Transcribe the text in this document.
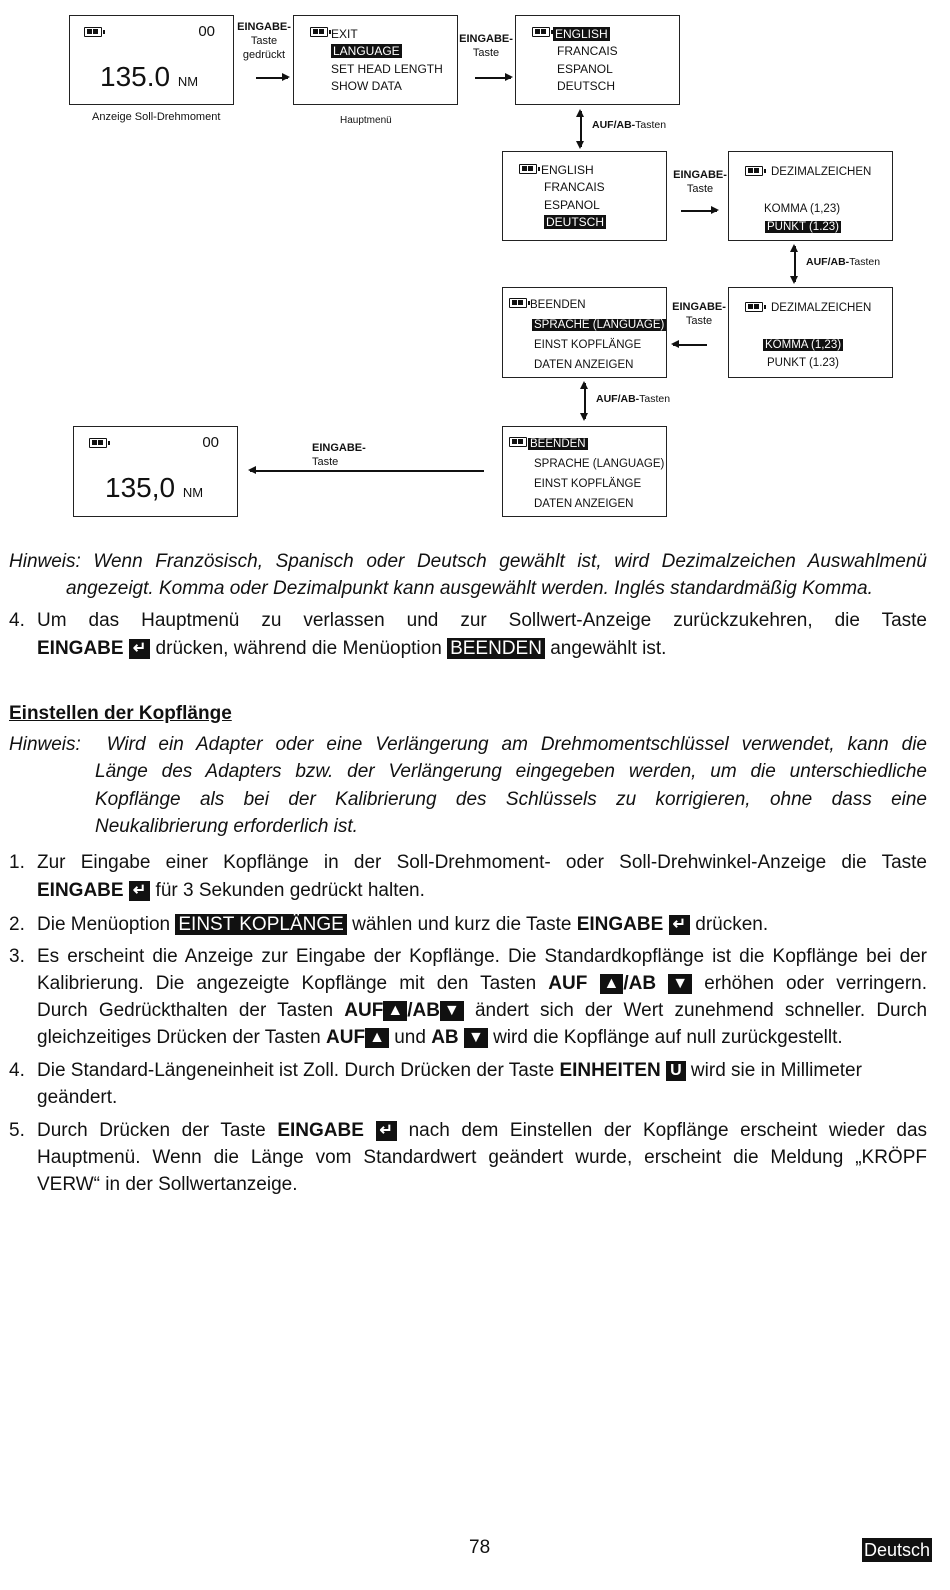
00
135.0 NM
Anzeige Soll-Drehmoment
EINGABE-
Taste
gedrückt
EXIT
LANGUAGE
SET HEAD LENGTH
SHOW DATA
Hauptmenü
EINGABE-
Taste
ENGLISH
FRANCAIS
ESPANOL
DEUTSCH
AUF/AB-Tasten
ENGLISH
FRANCAIS
ESPANOL
DEUTSCH
EINGABE-
Taste
DEZIMALZEICHEN
KOMMA (1,23)
PUNKT (1.23)
AUF/AB-Tasten
BEENDEN
SPRACHE (LANGUAGE)
EINST KOPFLÄNGE
DATEN ANZEIGEN
EINGABE-
Taste
DEZIMALZEICHEN
KOMMA (1,23)
PUNKT (1.23)
AUF/AB-Tasten
00
135,0 NM
EINGABE-
Taste
BEENDEN
SPRACHE (LANGUAGE)
EINST KOPFLÄNGE
DATEN ANZEIGEN
Hinweis: Wenn Französisch, Spanisch oder Deutsch gewählt ist, wird Dezimalzeichen Auswahlmenü
angezeigt. Komma oder Dezimalpunkt kann ausgewählt werden. Inglés standardmäßig Komma.
4. Um das Hauptmenü zu verlassen und zur Sollwert-Anzeige zurückzukehren, die Taste
EINGABE ↵ drücken, während die Menüoption BEENDEN angewählt ist.
Einstellen der Kopflänge
Hinweis: Wird ein Adapter oder eine Verlängerung am Drehmomentschlüssel verwendet, kann die
Länge des Adapters bzw. der Verlängerung eingegeben werden, um die unterschiedliche
Kopflänge als bei der Kalibrierung des Schlüssels zu korrigieren, ohne dass eine
Neukalibrierung erforderlich ist.
1. Zur Eingabe einer Kopflänge in der Soll-Drehmoment- oder Soll-Drehwinkel-Anzeige die Taste
EINGABE ↵ für 3 Sekunden gedrückt halten.
2. Die Menüoption EINST KOPLÄNGE wählen und kurz die Taste EINGABE ↵ drücken.
3. Es erscheint die Anzeige zur Eingabe der Kopflänge. Die Standardkopflänge ist die Kopflänge bei der
Kalibrierung. Die angezeigte Kopflänge mit den Tasten AUF ▲ /AB ▼ erhöhen oder verringern.
Durch Gedrückthalten der Tasten AUF ▲ /AB ▼ ändert sich der Wert zunehmend schneller. Durch
gleichzeitiges Drücken der Tasten AUF ▲ und AB ▼ wird die Kopflänge auf null zurückgestellt.
4. Die Standard-Längeneinheit ist Zoll. Durch Drücken der Taste EINHEITEN U wird sie in Millimeter
geändert.
5. Durch Drücken der Taste EINGABE ↵ nach dem Einstellen der Kopflänge erscheint wieder das
Hauptmenü. Wenn die Länge vom Standardwert geändert wurde, erscheint die Meldung „KRÖPF
VERW“ in der Sollwertanzeige.
78	Deutsch
